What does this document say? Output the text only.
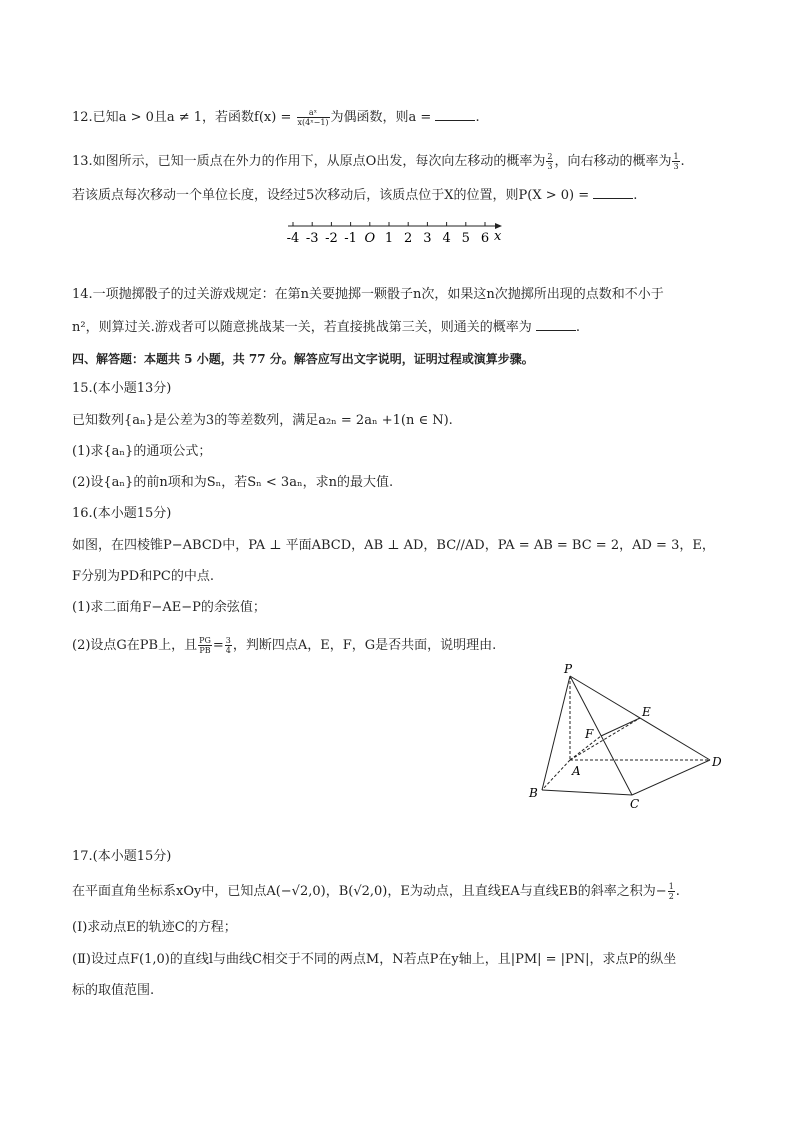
12.已知a > 0且a ≠ 1，若函数$f(x) = \frac{\text{aˣ}}{\text{x(4ˣ−1)}}$ 为偶函数，则a =	.
13.如图所示，已知一质点在外力的作用下，从原点O出发，每次向左移动的概率为 $\frac{2}{3}$ ，向右移动的概率为 $\frac{1}{3}$ .
若该质点每次移动一个单位长度，设经过5次移动后，该质点位于X的位置，则P(X > 0) =	.
-4 -3 -2 -1 O 1 2 3 4 5 6 x
14.一项抛掷骰子的过关游戏规定：在第n关要抛掷一颗骰子n次，如果这n次抛掷所出现的点数和不小于
n²，则算过关.游戏者可以随意挑战某一关，若直接挑战第三关，则通关的概率为	.
四、解答题：本题共 5 小题，共 77 分。解答应写出文字说明，证明过程或演算步骤。
15.(本小题13分)
已知数列{aₙ}是公差为3的等差数列，满足a₂ₙ = 2aₙ +1(n ∈ N).
(1)求{aₙ}的通项公式；
(2)设{aₙ}的前n项和为Sₙ，若Sₙ < 3aₙ，求n的最大值.
16.(本小题15分)
如图，在四棱锥P−ABCD中，PA ⊥ 平面ABCD，AB ⊥ AD，BC//AD，PA = AB = BC = 2，AD = 3，E，
F分别为PD和PC的中点.
(1)求二面角F−AE−P的余弦值；
(2)设点G在PB上，且 $\frac{PG}{PB} = \frac{3}{4}$ ，判断四点A，E，F，G是否共面，说明理由.
P
E
F
A
D
B
C
17.(本小题15分)
在平面直角坐标系xOy中，已知点A(−√2,0)，B(√2,0)，E为动点，且直线EA与直线EB的斜率之积为− $\frac{1}{2}$ .
(Ⅰ)求动点E的轨迹C的方程；
(Ⅱ)设过点F(1,0)的直线l与曲线C相交于不同的两点M，N若点P在y轴上，且|PM| = |PN|，求点P的纵坐
标的取值范围.
